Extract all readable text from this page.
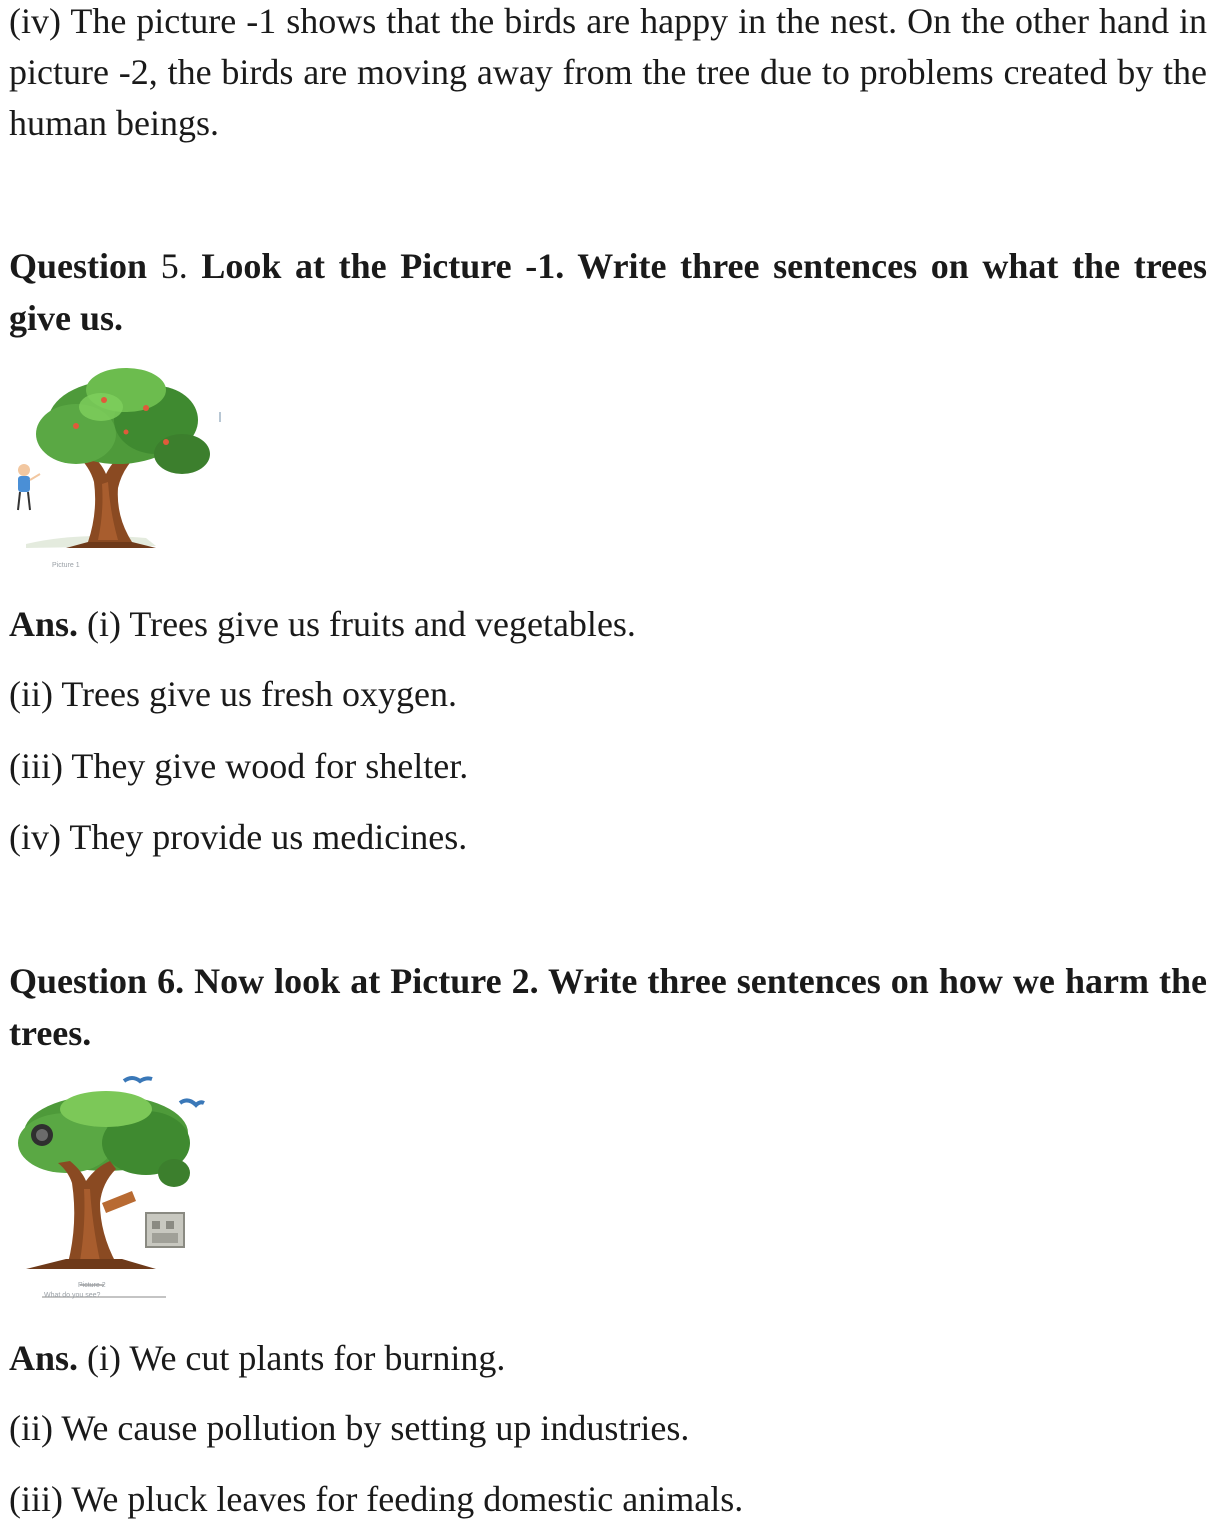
(iv) The picture -1 shows that the birds are happy in the nest. On the other hand in picture -2, the birds are moving away from the tree due to problems created by the human beings.

Question 5. Look at the Picture -1. Write three sentences on what the trees give us.

Picture 1

Ans. (i) Trees give us fruits and vegetables.

(ii) Trees give us fresh oxygen.

(iii) They give wood for shelter.

(iv) They provide us medicines.

Question 6. Now look at Picture 2. Write three sentences on how we harm the trees.

Picture 2
What do you see?

Ans. (i) We cut plants for burning.

(ii) We cause pollution by setting up industries.

(iii) We pluck leaves for feeding domestic animals.
